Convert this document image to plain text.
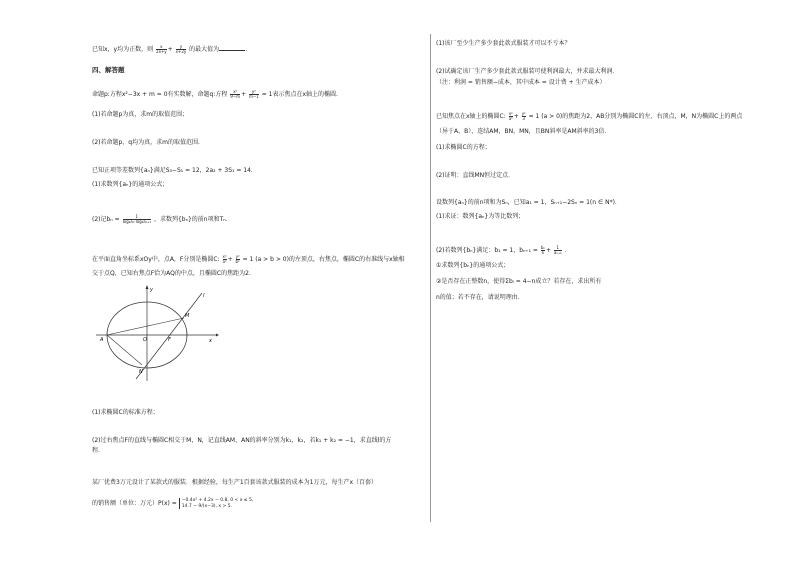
已知x，y均为正数，则 $\frac{x}{2x+y} + \frac{y}{x+2y}$ 的最大值为	．
四、解答题
命题p:方程x²−3x + m = 0有实数解，命题q:方程 $\frac{\text{x²}}{9-m} + \frac{\text{y²}}{m-1} = 1$表示焦点在x轴上的椭圆.
(1)若命题p为真，求m的取值范围；
(2)若命题p，q均为真，求m的取值范围.
已知正项等差数列{aₙ}满足S₃−S₁ = 12，2a₂ + 3S₁ = 14．
(1)求数列{aₙ}的通项公式；
(2)记$b_n = \frac{1}{\text{log₂aₙ·log₂aₙ₊₁}}$ ，求数列{bₙ}的前n项和Tₙ．
在平面直角坐标系xOy中，点A，F分别是椭圆C: $\frac{\text{x²}}{\text{a²}} + \frac{\text{y²}}{\text{b²}} = 1$ (a > b > 0)的左顶点，右焦点，椭圆C的右准线与x轴相
交于点Q，已知右焦点F恰为AQ的中点，且椭圆C的焦距为2.
y
l
M
A	O	F	x
N
(1)求椭圆C的标准方程；
(2)过右焦点F的直线与椭圆C相交于M，N，记直线AM，AN的斜率分别为k₁，k₂，若k₁ + k₂ = −1，求直线l的方
程.
某厂优费3万元设计了某款式的服装．根据经验，每生产1百套该款式服装的成本为1万元，每生产x（百套）
的销售额（单位：万元）P(x) = −0.4x² + 4.2x − 0.8, 0 < x ≤ 5,
14.7 − 9/(x−3), x > 5.
(1)该厂至少生产多少套此款式服装才可以不亏本？
(2)试确定该厂生产多少套此款式服装可使利润最大，并求最大利润．
（注：利润 = 销售额−成本，其中成本 = 设计费 + 生产成本）
已知焦点在x轴上的椭圆C: $\frac{\text{x²}}{\text{a²}} + \frac{\text{y²}}{3} = 1$ (a > 0)的焦距为2，AB分别为椭圆C的左、右顶点，M，N为椭圆C上的两点
（异于A，B），连结AM，BN，MN，且BN斜率是AM斜率的3倍．
(1)求椭圆C的方程；
(2)证明：直线MN恒过定点．
设数列{aₙ}的前n项和为Sₙ，已知a₁ = 1，Sₙ₊₁−2Sₙ = 1(n ∈ N*)．
(1)求证：数列{aₙ}为等比数列；
(2)若数列{bₙ}满足：b₁ = 1，$b_{n+1} = \frac{\text{bₙ}}{n} + \frac{1}{\text{aₙ₊₁}}$ ．
①求数列{bₙ}的通项公式；
②是否存在正整数n，使得Σbᵢ = 4−n成立？若存在，求出所有
n的值；若不存在，请说明理由.
